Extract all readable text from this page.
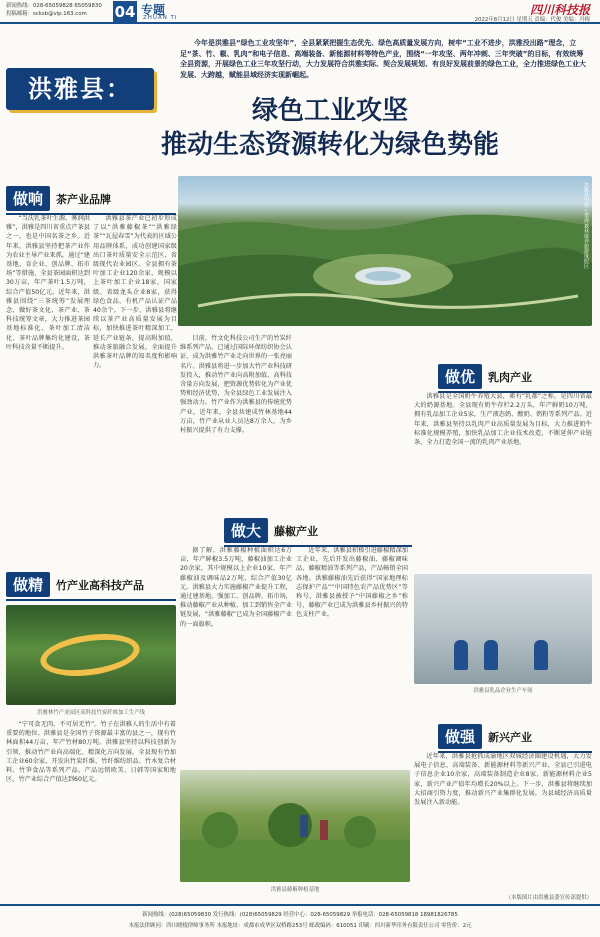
新闻热线：028-65059828 65059830
投稿邮箱：scksb@vip.163.com	04 专题
ZHUAN TI
四川科技报
2022年8月12日 星期五 责编：代俊 美编：冯梅
今年是洪雅县“绿色工业攻坚年”，全县紧紧把握生态优先、绿色高质量发展方向，树牢“工业不进步，洪雅没出路”理念，立足“茶、竹、椒、乳肉”和电子信息、高端装备、新能源材料等特色产业，围绕“一年攻坚、两年冲刺、三年突破”的目标，有效统筹全县资源，开展绿色工业三年攻坚行动，大力发展符合洪雅实际、契合发展规划、有良好发展前景的绿色工业，全力推进绿色工业大发展、大跨越，赋能县域经济实现新崛起。
洪雅县：
绿色工业攻坚
推动生态资源转化为绿色势能
洪雅县中国·七里坪森林康养旅游度假区
做响	茶产业品牌

“当沃乳茶叶生源，雾润洪雅”，洪雅是四川省重点产茶县之一，也是中国名茶之乡。近年来，洪雅县坚持把茶产业作为农业主导产业来抓，通过“建基地、育企业、创品牌、拓市场”等措施，全县茶园面积达到30万亩，年产茶叶1.5万吨，综合产值50亿元。近年来，洪雅县围绕“三茶统筹”发展理念，做好茶文化、茶产业、茶科技统筹文章，大力推进茶园基地标准化、茶叶加工清洁化、茶叶品牌集约化建设，茶叶科技含量不断提升。

洪雅县茶产业已初步形成了以“洪雅藤椒茶”“洪雅绿茶”“瓦屋春雪”为代表的区域公用品牌体系，成功创建国家级出口茶叶质量安全示范区、省级现代农业园区。全县拥有茶叶加工企业120余家，规模以上茶叶加工企业18家，国家级、省级龙头企业8家，获得绿色食品、有机产品认证产品40余个。下一步，洪雅县将继续以茶产业高质量发展为目标，加快推进茶叶精深加工，延长产业链条，提高附加值，推动茶旅融合发展，全面提升洪雅茶叶品牌的知名度和影响力。

做精	竹产业高科技产品
洪雅林竹产业园区高科技竹炭纤维加工生产线

“宁可食无肉，不可居无竹”。竹子在洪雅人的生活中有着重要的地位。洪雅县是全国竹子资源最丰富的县之一，现有竹林面积44万亩，年产竹材80万吨。洪雅县坚持以科技创新为引领，推动竹产业向高端化、精深化方向发展。全县现有竹加工企业60余家，开发出竹炭纤维、竹纤维纺织品、竹木复合材料、竹笋食品等系列产品，产品远销欧美、日韩等国家和地区，竹产业综合产值达到60亿元。

目前，竹文化科技公司生产的竹炭纤维系列产品，已通过国际环保纺织协会认证，成为洪雅竹产业走向世界的一张亮丽名片。洪雅县将进一步加大竹产业科技研发投入，推动竹产业向高附加值、高科技含量方向发展，把资源优势转化为产业优势和经济优势，为全县绿色工业发展注入强劲动力。竹产业作为洪雅县的传统优势产业，近年来，全县共建成竹林基地44万亩，竹产业从业人员达8万余人，为乡村振兴提供了有力支撑。

做大	藤椒产业

据了解，洪雅藤椒种植面积达6万亩，年产鲜椒3.5万吨，藤椒油加工企业20余家，其中规模以上企业10家，年产藤椒油及调味品2万吨，综合产值30亿元。洪雅县大力实施藤椒产业提升工程，通过建基地、强加工、创品牌、拓市场，推动藤椒产业从种植、加工到销售全产业链发展，“洪雅藤椒”已成为全国藤椒产业的一面旗帜。

近年来，洪雅县积极引进藤椒精深加工企业，先后开发出藤椒油、藤椒调味品、藤椒精油等系列产品，产品畅销全国各地。洪雅藤椒油先后获得“国家地理标志保护产品”“中国特色农产品优势区”等称号，洪雅县被授予“中国藤椒之乡”称号，藤椒产业已成为洪雅县乡村振兴的特色支柱产业。

洪雅县藤椒种植基地
做优	乳肉产业

洪雅县是全国奶牛养殖大县，素有“乳都”之称，是四川省最大的奶源基地。全县现有奶牛存栏2.2万头，年产鲜奶10万吨，拥有乳品加工企业5家，生产液态奶、酸奶、奶粉等系列产品。近年来，洪雅县坚持以乳肉产业高质量发展为目标，大力推进奶牛标准化规模养殖，加快乳品加工企业技术改造，不断延伸产业链条，全力打造全国一流的乳肉产业基地。

洪雅县乳品企业生产车间
做强	新兴产业

近年来，洪雅县抢抓成渝地区双城经济圈建设机遇，大力发展电子信息、高端装备、新能源材料等新兴产业。全县已引进电子信息企业10余家，高端装备制造企业8家，新能源材料企业5家，新兴产业产值年均增长20%以上。下一步，洪雅县将继续加大招商引资力度，推动新兴产业集群化发展，为县域经济高质量发展注入新动能。

（本版图片由洪雅县委宣传部提供）
新闻热线：(028)65059830 发行热线：(028)65059829 经营中心：028-65059829 举报电话：028-65059818 18981826785
本报法律顾问：四川晓棱律师事务所 本报地址：成都市成华区双桥路253号 邮政编码：610051 印刷：四川新华印务有限责任公司 零售价：2元
